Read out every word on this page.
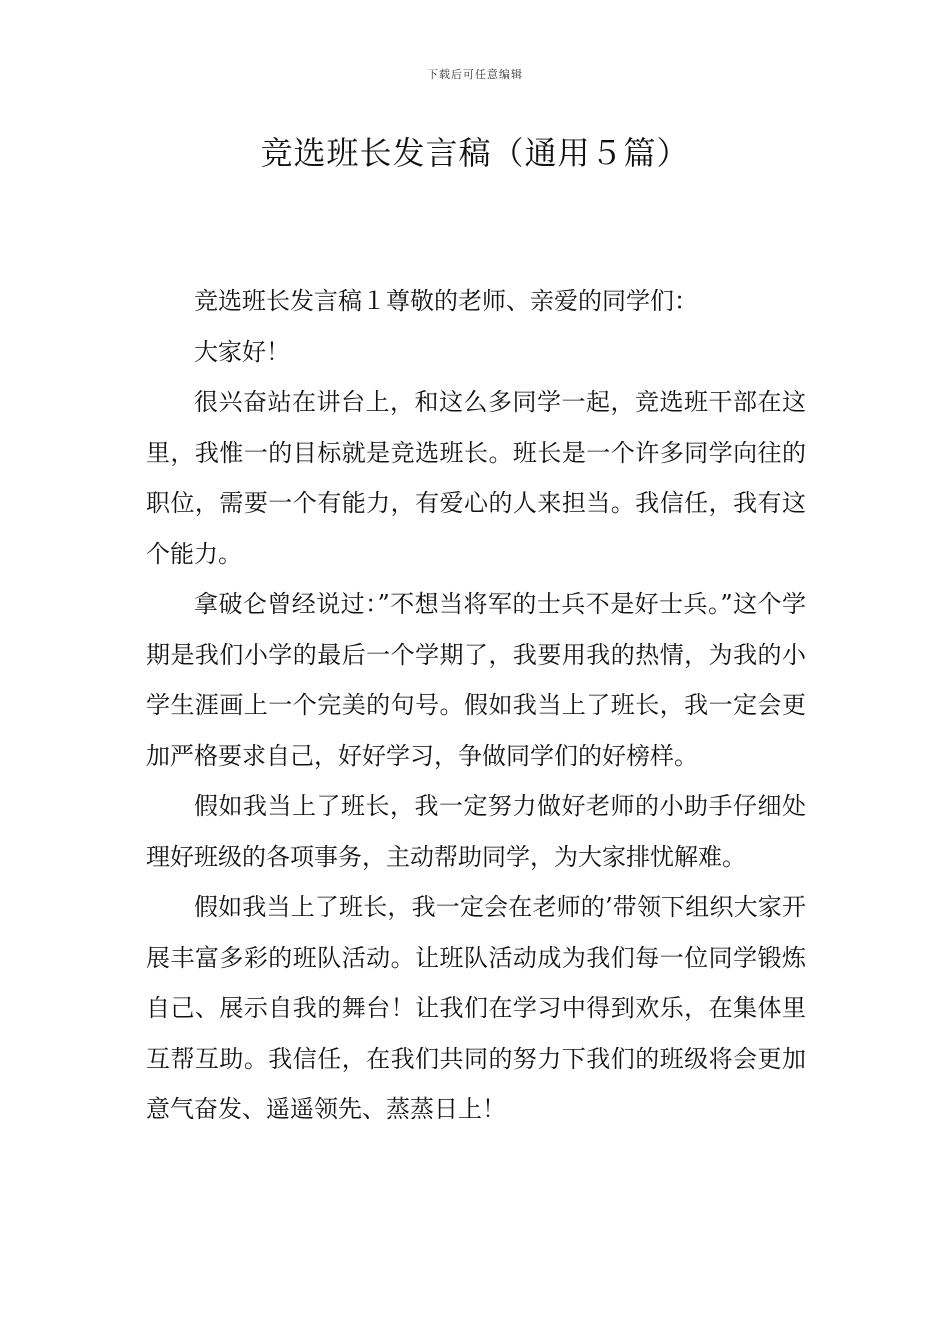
下载后可任意编辑
竞选班长发言稿（通用５篇）

竞选班长发言稿１尊敬的老师、亲爱的同学们：

大家好！

很兴奋站在讲台上，和这么多同学一起，竞选班干部在这里，我惟一的目标就是竞选班长。班长是一个许多同学向往的职位，需要一个有能力，有爱心的人来担当。我信任，我有这个能力。

拿破仑曾经说过：”不想当将军的士兵不是好士兵。”这个学期是我们小学的最后一个学期了，我要用我的热情，为我的小学生涯画上一个完美的句号。假如我当上了班长，我一定会更加严格要求自己，好好学习，争做同学们的好榜样。

假如我当上了班长，我一定努力做好老师的小助手仔细处理好班级的各项事务，主动帮助同学，为大家排忧解难。

假如我当上了班长，我一定会在老师的’带领下组织大家开展丰富多彩的班队活动。让班队活动成为我们每一位同学锻炼自己、展示自我的舞台！让我们在学习中得到欢乐，在集体里互帮互助。我信任，在我们共同的努力下我们的班级将会更加意气奋发、遥遥领先、蒸蒸日上！
